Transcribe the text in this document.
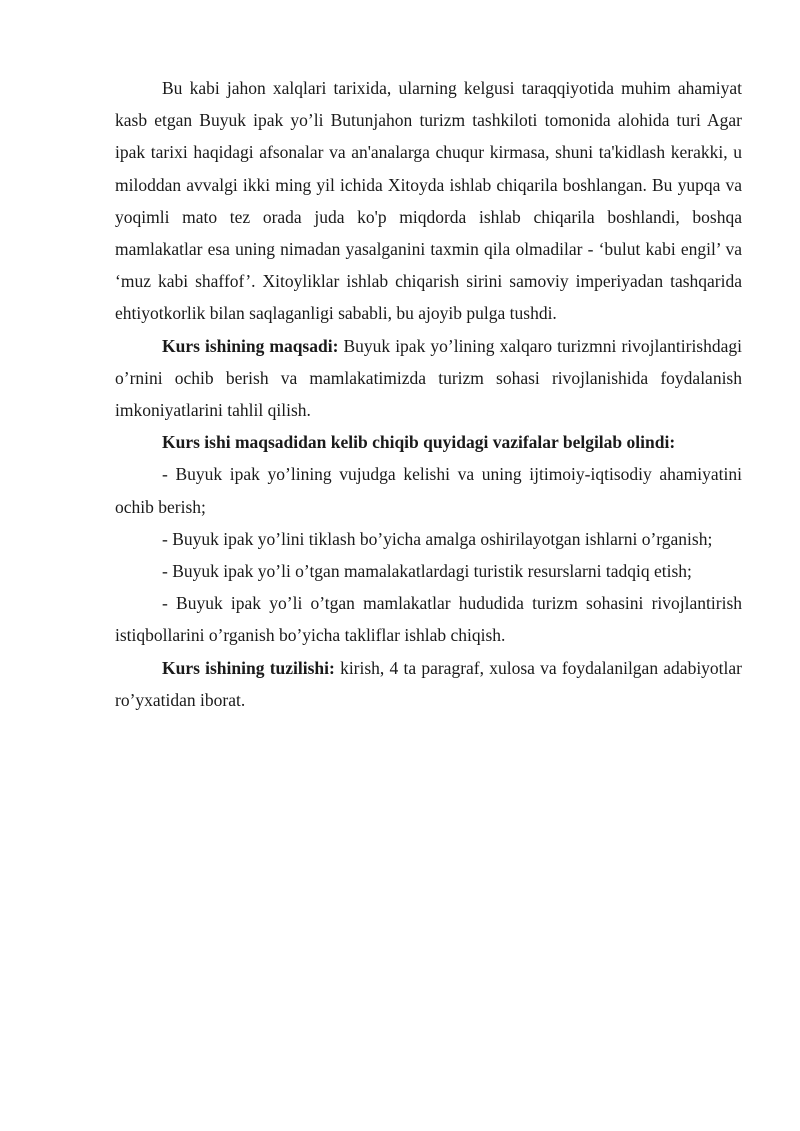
Bu kabi jahon xalqlari tarixida, ularning kelgusi taraqqiyotida muhim ahamiyat kasb etgan Buyuk ipak yo’li Butunjahon turizm tashkiloti tomonida alohida turi Agar ipak tarixi haqidagi afsonalar va an'analarga chuqur kirmasa, shuni ta'kidlash kerakki, u miloddan avvalgi ikki ming yil ichida Xitoyda ishlab chiqarila boshlangan. Bu yupqa va yoqimli mato tez orada juda ko'p miqdorda ishlab chiqarila boshlandi, boshqa mamlakatlar esa uning nimadan yasalganini taxmin qila olmadilar - ‘bulut kabi engil’ va ‘muz kabi shaffof’. Xitoyliklar ishlab chiqarish sirini samoviy imperiyadan tashqarida ehtiyotkorlik bilan saqlaganligi sababli, bu ajoyib pulga tushdi.

Kurs ishining maqsadi: Buyuk ipak yo’lining xalqaro turizmni rivojlantirishdagi o’rnini ochib berish va mamlakatimizda turizm sohasi rivojlanishida foydalanish imkoniyatlarini tahlil qilish.

Kurs ishi maqsadidan kelib chiqib quyidagi vazifalar belgilab olindi:

- Buyuk ipak yo’lining vujudga kelishi va uning ijtimoiy-iqtisodiy ahamiyatini ochib berish;

- Buyuk ipak yo’lini tiklash bo’yicha amalga oshirilayotgan ishlarni o’rganish;

- Buyuk ipak yo’li o’tgan mamalakatlardagi turistik resurslarni tadqiq etish;

- Buyuk ipak yo’li o’tgan mamlakatlar hududida turizm sohasini rivojlantirish istiqbollarini o’rganish bo’yicha takliflar ishlab chiqish.

Kurs ishining tuzilishi: kirish, 4 ta paragraf, xulosa va foydalanilgan adabiyotlar ro’yxatidan iborat.
